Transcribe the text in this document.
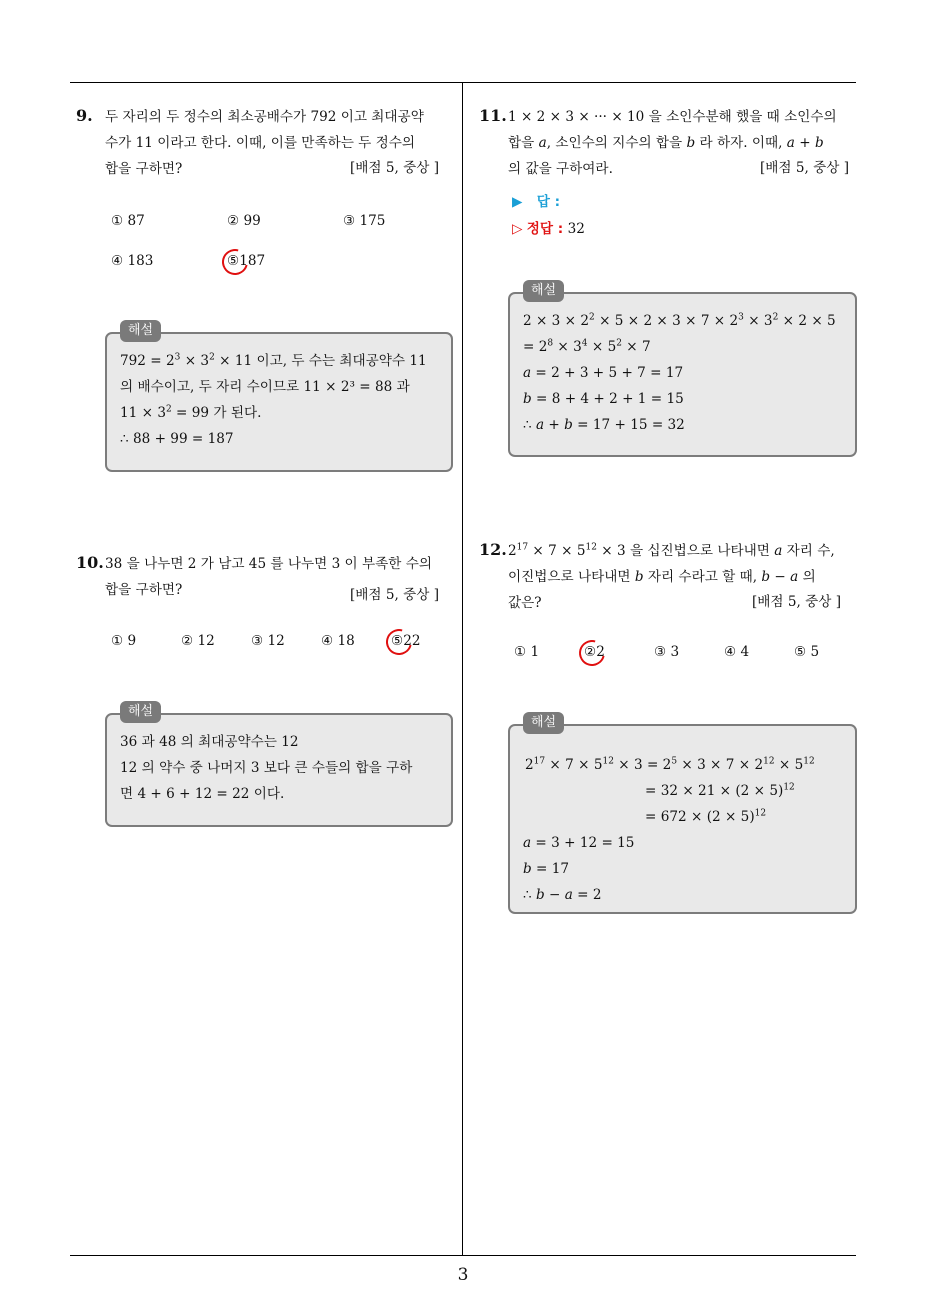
9. 두 자리의 두 정수의 최소공배수가 792 이고 최대공약
수가 11 이라고 한다. 이때, 이를 만족하는 두 정수의
합을 구하면?	[배점 5, 중상 ]
① 87	② 99	③ 175
④ 183	⑤187
해설
$792 = 2^3 \times 3^2 \times 11$ 이고, 두 수는 최대공약수 11
의 배수이고, 두 자리 수이므로 11 × 2³ = 88 과
$11 \times 3^2 = 99$ 가 된다.
∴ 88 + 99 = 187
10. 38 을 나누면 2 가 남고 45 를 나누면 3 이 부족한 수의
합을 구하면?	[배점 5, 중상 ]
① 9	② 12	③ 12	④ 18	⑤22
해설
36 과 48 의 최대공약수는 12
12 의 약수 중 나머지 3 보다 큰 수들의 합을 구하
면 4 + 6 + 12 = 22 이다.
11. 1 × 2 × 3 × ··· × 10 을 소인수분해 했을 때 소인수의
합을 a, 소인수의 지수의 합을 b 라 하자. 이때, a + b
의 값을 구하여라.	[배점 5, 중상 ]
▶ 답 :
▷ 정답 : 32
해설
$2 \times 3 \times 2^2 \times 5 \times 2 \times 3 \times 7 \times 2^3 \times 3^2 \times 2 \times 5$
= $2^8 \times 3^4 \times 5^2 \times 7$
a = 2 + 3 + 5 + 7 = 17
b = 8 + 4 + 2 + 1 = 15
∴ a + b = 17 + 15 = 32
12. $2^{17} \times 7 \times 5^{12} \times 3$ 을 십진법으로 나타내면 a 자리 수,
이진법으로 나타내면 b 자리 수라고 할 때, b − a 의
값은?	[배점 5, 중상 ]
① 1	②2	③ 3	④ 4	⑤ 5
해설
$2^{17} \times 7 \times 5^{12} \times 3 = 2^5 \times 3 \times 7 \times 2^{12} \times 5^{12}$
= $32 \times 21 \times (2 \times 5)^{12}$
= $672 \times (2 \times 5)^{12}$
a = 3 + 12 = 15
b = 17
∴ b − a = 2
3
